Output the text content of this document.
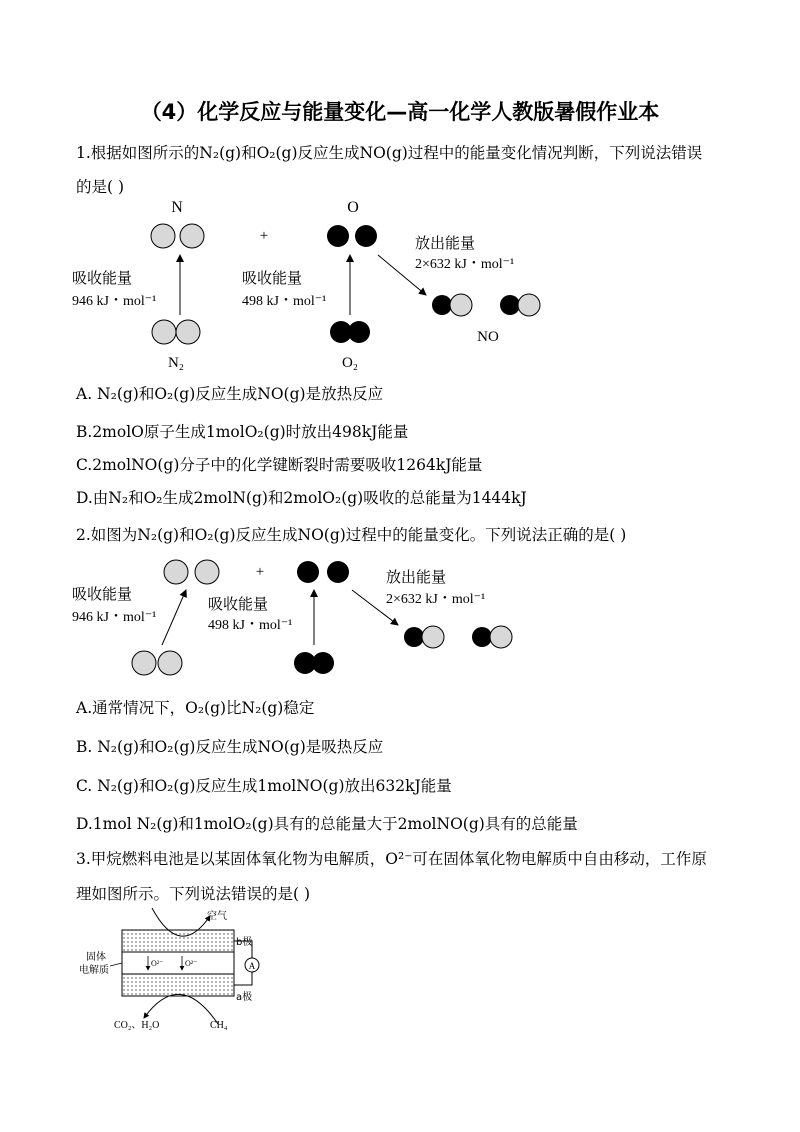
（4）化学反应与能量变化—高一化学人教版暑假作业本
1.根据如图所示的N₂(g)和O₂(g)反应生成NO(g)过程中的能量变化情况判断，下列说法错误
的是( )
N
+
O
吸收能量
946 kJ・mol⁻¹
吸收能量
498 kJ・mol⁻¹
放出能量
2×632 kJ・mol⁻¹
N₂	O₂
NO
A. N₂(g)和O₂(g)反应生成NO(g)是放热反应
B.2molO原子生成1molO₂(g)时放出498kJ能量
C.2molNO(g)分子中的化学键断裂时需要吸收1264kJ能量
D.由N₂和O₂生成2molN(g)和2molO₂(g)吸收的总能量为1444kJ
2.如图为N₂(g)和O₂(g)反应生成NO(g)过程中的能量变化。下列说法正确的是( )
+
吸收能量
946 kJ・mol⁻¹
吸收能量
498 kJ・mol⁻¹
放出能量
2×632 kJ・mol⁻¹
A.通常情况下，O₂(g)比N₂(g)稳定
B. N₂(g)和O₂(g)反应生成NO(g)是吸热反应
C. N₂(g)和O₂(g)反应生成1molNO(g)放出632kJ能量
D.1mol N₂(g)和1molO₂(g)具有的总能量大于2molNO(g)具有的总能量
3.甲烷燃料电池是以某固体氧化物为电解质，O²⁻可在固体氧化物电解质中自由移动，工作原
理如图所示。下列说法错误的是( )
空气
O²⁻	O²⁻
固体
电解质
b极
a极
A
CO₂、H₂O	CH₄
